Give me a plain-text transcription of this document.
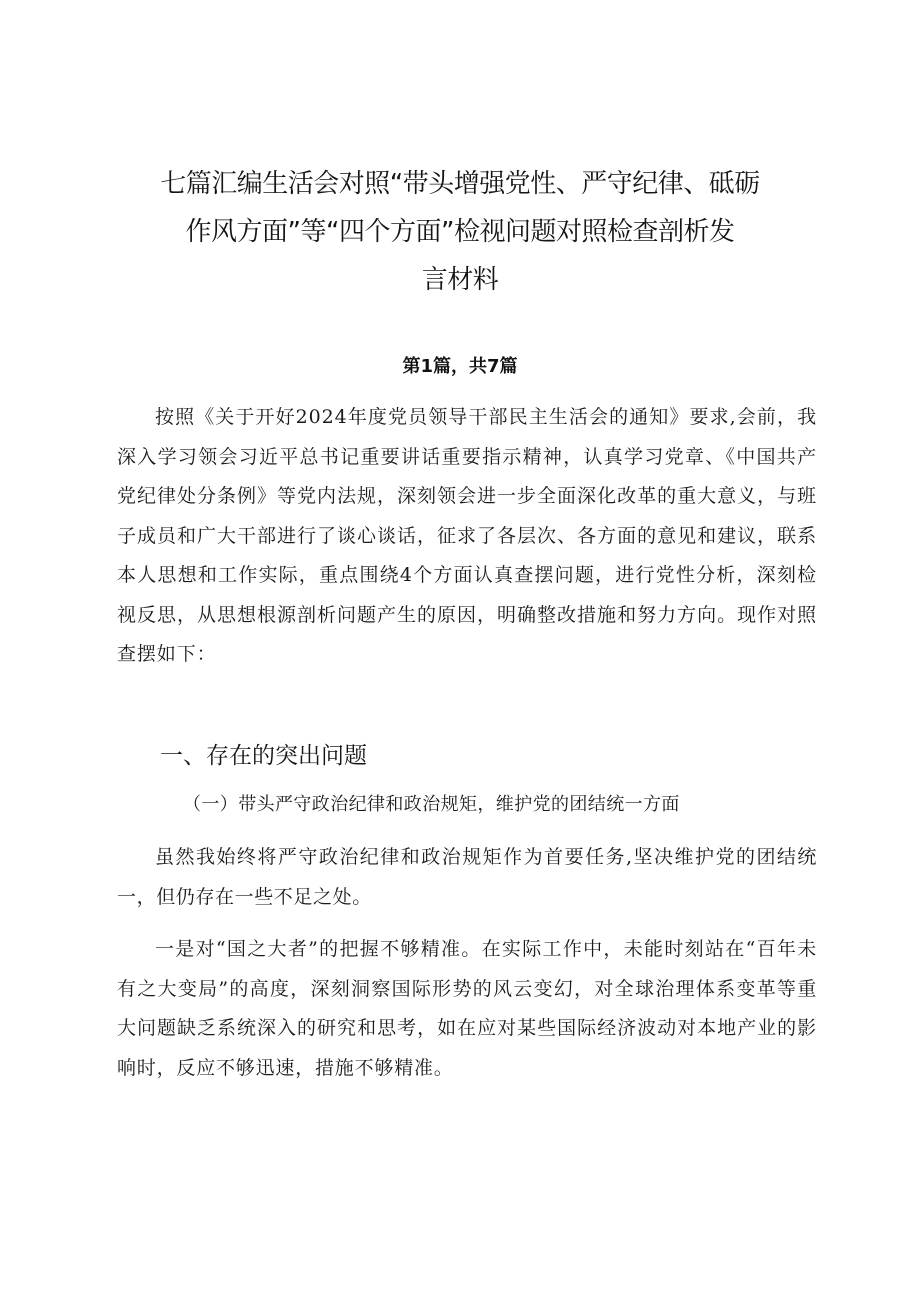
七篇汇编生活会对照“带头增强党性、严守纪律、砥砺
作风方面”等“四个方面”检视问题对照检查剖析发
言材料
第1篇，共7篇

按照《关于开好2024年度党员领导干部民主生活会的通知》要求,会前，我深入学习领会习近平总书记重要讲话重要指示精神，认真学习党章、《中国共产党纪律处分条例》等党内法规，深刻领会进一步全面深化改革的重大意义，与班子成员和广大干部进行了谈心谈话，征求了各层次、各方面的意见和建议，联系本人思想和工作实际，重点围绕4个方面认真查摆问题，进行党性分析，深刻检视反思，从思想根源剖析问题产生的原因，明确整改措施和努力方向。现作对照查摆如下：

一、存在的突出问题
（一）带头严守政治纪律和政治规矩，维护党的团结统一方面

虽然我始终将严守政治纪律和政治规矩作为首要任务,坚决维护党的团结统一，但仍存在一些不足之处。

一是对“国之大者”的把握不够精准。在实际工作中，未能时刻站在“百年未有之大变局”的高度，深刻洞察国际形势的风云变幻，对全球治理体系变革等重大问题缺乏系统深入的研究和思考，如在应对某些国际经济波动对本地产业的影响时，反应不够迅速，措施不够精准。
